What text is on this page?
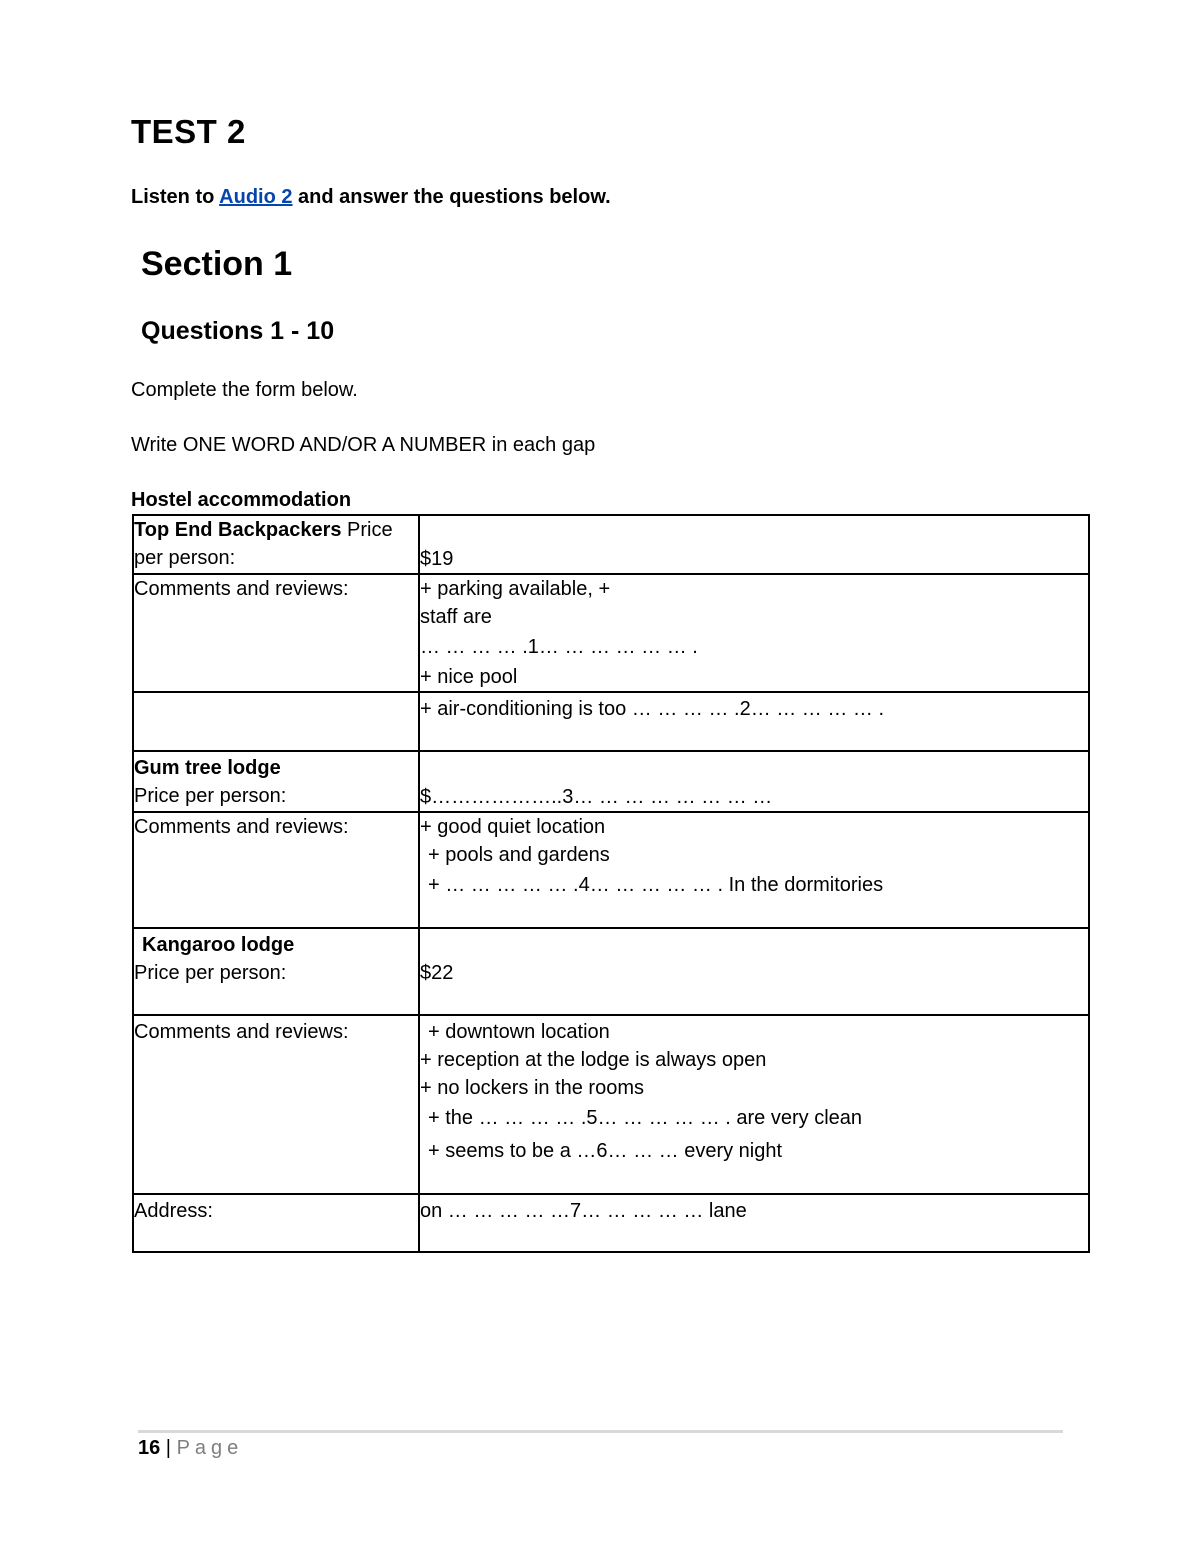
TEST 2
Listen to Audio 2 and answer the questions below.
Section 1
Questions 1 - 10
Complete the form below.
Write ONE WORD AND/OR A NUMBER in each gap
Hostel accommodation
Top End Backpackers Price
per person:	$19

Comments and reviews:	+ parking available, +
staff are
… … … … .1… … … … … … .
+ nice pool

	+ air-conditioning is too … … … … .2… … … … … .

Gum tree lodge
Price per person:	$………………..3… … … … … … … …

Comments and reviews:	+ good quiet location
+ pools and gardens
+ … … … … … .4… … … … … . In the dormitories

Kangaroo lodge
Price per person:	$22

Comments and reviews:	+ downtown location
+ reception at the lodge is always open
+ no lockers in the rooms
+ the … … … … .5… … … … … . are very clean
+ seems to be a …6… … … every night

Address:	on … … … … …7… … … … … lane
16 | Page
